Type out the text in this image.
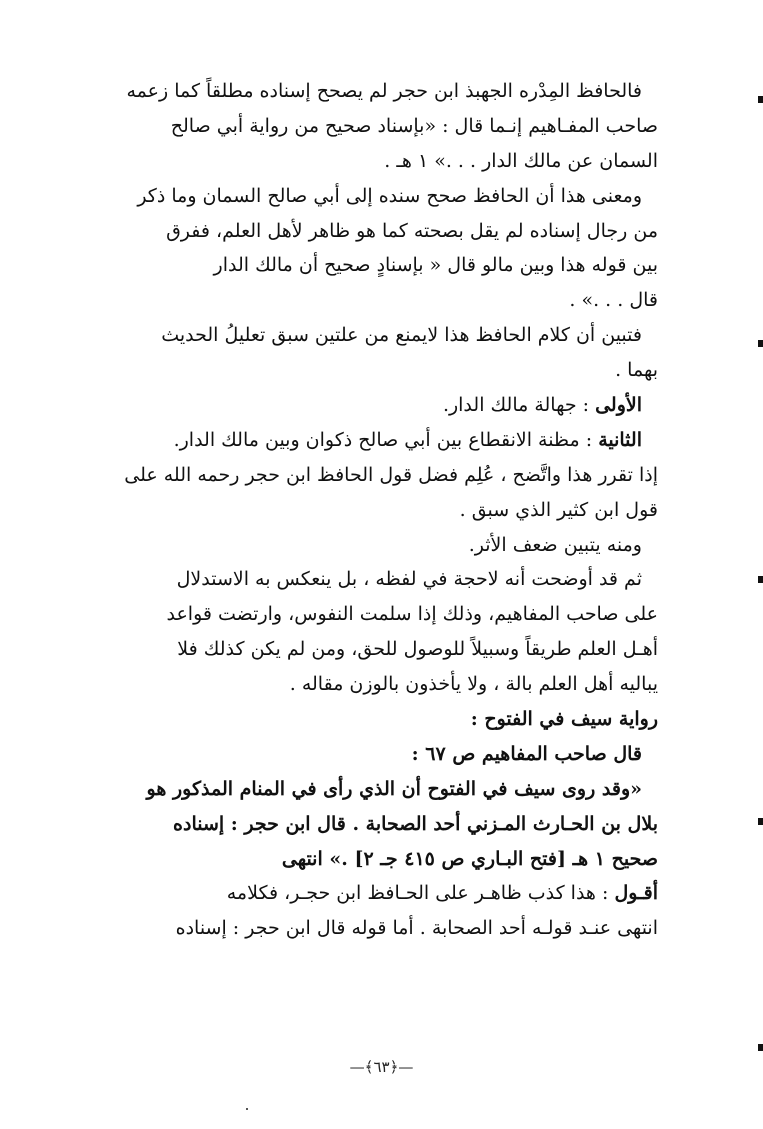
فالحافظ المِدْره الجهبذ ابن حجر لم يصحح إسناده مطلقاً كما زعمه
صاحب المفـاهيم إنـما قال : «بإسناد صحيح من رواية أبي صالح
السمان عن مالك الدار . . .» ١ هـ .
ومعنى هذا أن الحافظ صحح سنده إلى أبي صالح السمان وما ذكر
من رجال إسناده لم يقل بصحته كما هو ظاهر لأهل العلم، ففرق
بين قوله هذا وبين مالو قال « بإسنادٍ صحيح أن مالك الدار
قال . . .» .
فتبين أن كلام الحافظ هذا لايمنع من علتين سبق تعليلُ الحديث
بهما .
الأولى : جهالة مالك الدار.
الثانية : مظنة الانقطاع بين أبي صالح ذكوان وبين مالك الدار.
إذا تقرر هذا واتَّضح ، عُلِم فضل قول الحافظ ابن حجر رحمه الله على
قول ابن كثير الذي سبق .
ومنه يتبين ضعف الأثر.
ثم قد أوضحت أنه لاحجة في لفظه ، بل ينعكس به الاستدلال
على صاحب المفاهيم، وذلك إذا سلمت النفوس، وارتضت قواعد
أهـل العلم طريقاً وسبيلاً للوصول للحق، ومن لم يكن كذلك فلا
يباليه أهل العلم بالة ، ولا يأخذون بالوزن مقاله .
رواية سيف في الفتوح :
قال صاحب المفاهيم ص ٦٧ :
«وقد روى سيف في الفتوح أن الذي رأى في المنام المذكور هو
بلال بن الحـارث المـزني أحد الصحابة . قال ابن حجر : إسناده
صحيح ١ هـ [فتح البـاري ص ٤١٥ جـ ٢] .» انتهى
أقـول : هذا كذب ظاهـر على الحـافظ ابن حجـر، فكلامه
انتهى عنـد قولـه أحد الصحابة . أما قوله قال ابن حجر : إسناده
—﴿٦٣﴾—
